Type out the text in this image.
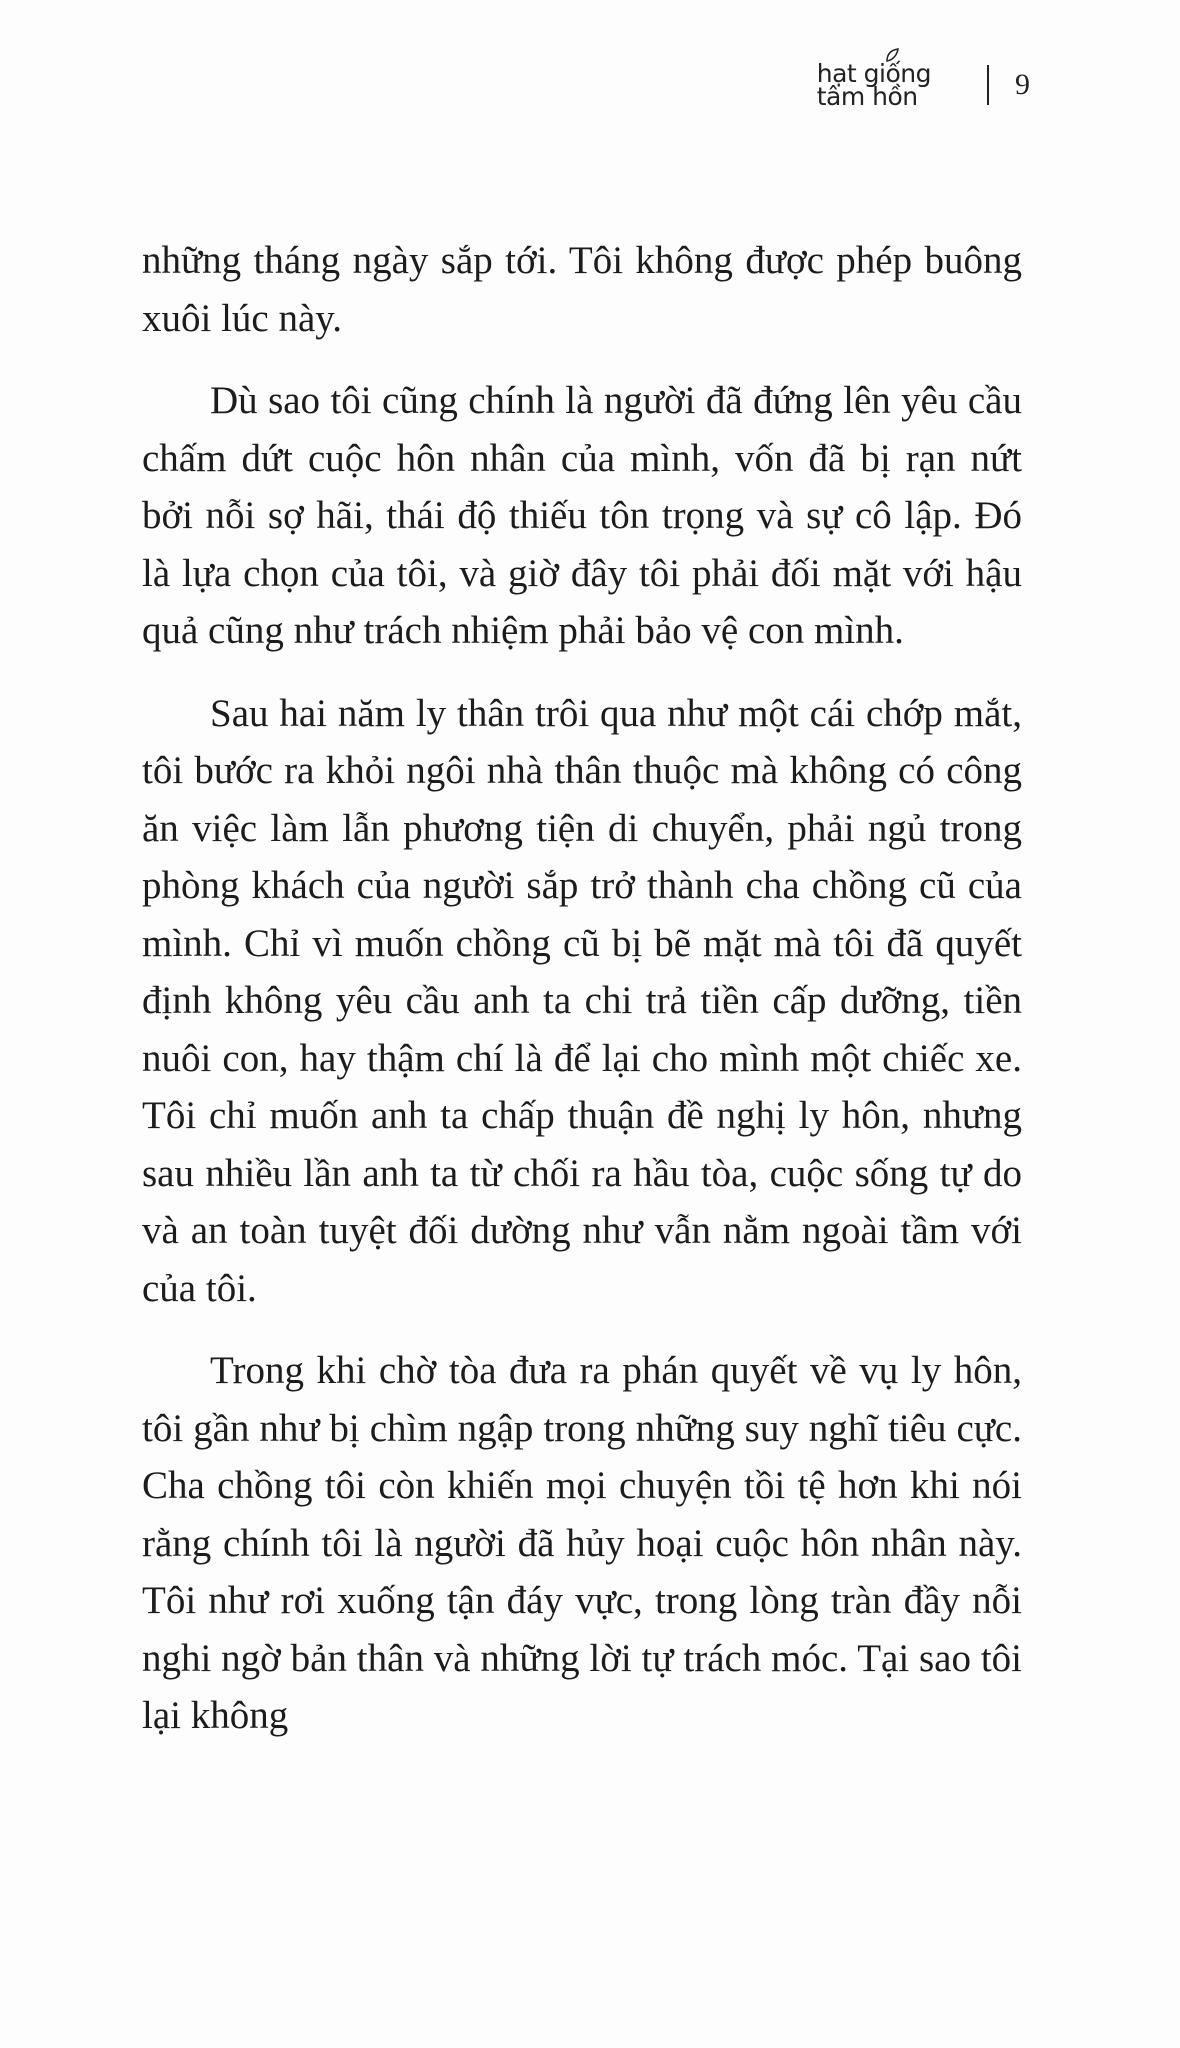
hạt giống
tâm hồn	9

những tháng ngày sắp tới. Tôi không được phép buông xuôi lúc này.

Dù sao tôi cũng chính là người đã đứng lên yêu cầu chấm dứt cuộc hôn nhân của mình, vốn đã bị rạn nứt bởi nỗi sợ hãi, thái độ thiếu tôn trọng và sự cô lập. Đó là lựa chọn của tôi, và giờ đây tôi phải đối mặt với hậu quả cũng như trách nhiệm phải bảo vệ con mình.

Sau hai năm ly thân trôi qua như một cái chớp mắt, tôi bước ra khỏi ngôi nhà thân thuộc mà không có công ăn việc làm lẫn phương tiện di chuyển, phải ngủ trong phòng khách của người sắp trở thành cha chồng cũ của mình. Chỉ vì muốn chồng cũ bị bẽ mặt mà tôi đã quyết định không yêu cầu anh ta chi trả tiền cấp dưỡng, tiền nuôi con, hay thậm chí là để lại cho mình một chiếc xe. Tôi chỉ muốn anh ta chấp thuận đề nghị ly hôn, nhưng sau nhiều lần anh ta từ chối ra hầu tòa, cuộc sống tự do và an toàn tuyệt đối dường như vẫn nằm ngoài tầm với của tôi.

Trong khi chờ tòa đưa ra phán quyết về vụ ly hôn, tôi gần như bị chìm ngập trong những suy nghĩ tiêu cực. Cha chồng tôi còn khiến mọi chuyện tồi tệ hơn khi nói rằng chính tôi là người đã hủy hoại cuộc hôn nhân này. Tôi như rơi xuống tận đáy vực, trong lòng tràn đầy nỗi nghi ngờ bản thân và những lời tự trách móc. Tại sao tôi lại không
